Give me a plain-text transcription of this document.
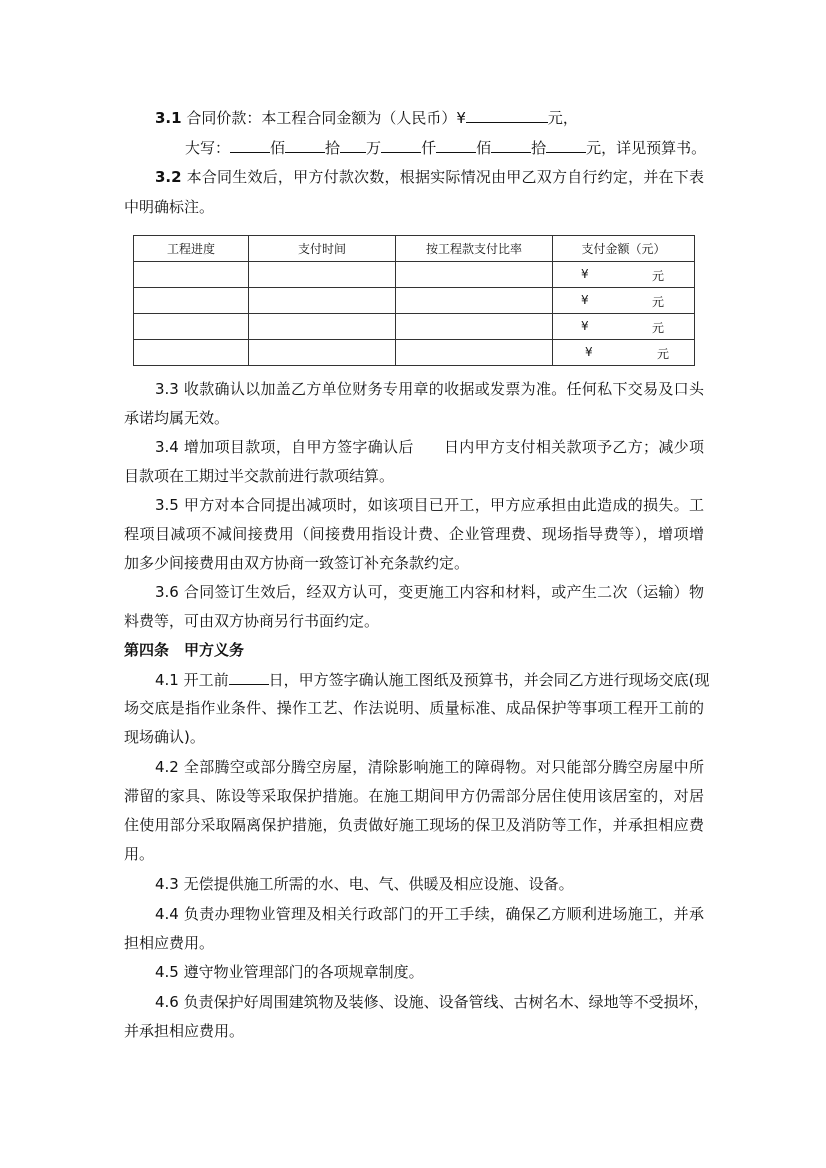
3.1 合同价款：本工程合同金额为（人民币）¥	元，
大写：	佰	拾 万	仟	佰	拾	元，详见预算书。
3.2 本合同生效后，甲方付款次数，根据实际情况由甲乙双方自行约定，并在下表
中明确标注。
工程进度	支付时间	按工程款支付比率	支付金额（元）

			¥ 元

			¥ 元

			¥ 元

			¥ 元
3.3 收款确认以加盖乙方单位财务专用章的收据或发票为准。任何私下交易及口头
承诺均属无效。
3.4 增加项目款项，自甲方签字确认后 日内甲方支付相关款项予乙方；减少项
目款项在工期过半交款前进行款项结算。
3.5 甲方对本合同提出减项时，如该项目已开工，甲方应承担由此造成的损失。工
程项目减项不减间接费用（间接费用指设计费、企业管理费、现场指导费等），增项增
加多少间接费用由双方协商一致签订补充条款约定。
3.6 合同签订生效后，经双方认可，变更施工内容和材料，或产生二次（运输）物
料费等，可由双方协商另行书面约定。
第四条　甲方义务
4.1 开工前	日，甲方签字确认施工图纸及预算书，并会同乙方进行现场交底(现
场交底是指作业条件、操作工艺、作法说明、质量标准、成品保护等事项工程开工前的
现场确认)。
4.2 全部腾空或部分腾空房屋，清除影响施工的障碍物。对只能部分腾空房屋中所
滞留的家具、陈设等采取保护措施。在施工期间甲方仍需部分居住使用该居室的，对居
住使用部分采取隔离保护措施，负责做好施工现场的保卫及消防等工作，并承担相应费
用。
4.3 无偿提供施工所需的水、电、气、供暖及相应设施、设备。
4.4 负责办理物业管理及相关行政部门的开工手续，确保乙方顺利进场施工，并承
担相应费用。
4.5 遵守物业管理部门的各项规章制度。
4.6 负责保护好周围建筑物及装修、设施、设备管线、古树名木、绿地等不受损坏，
并承担相应费用。
